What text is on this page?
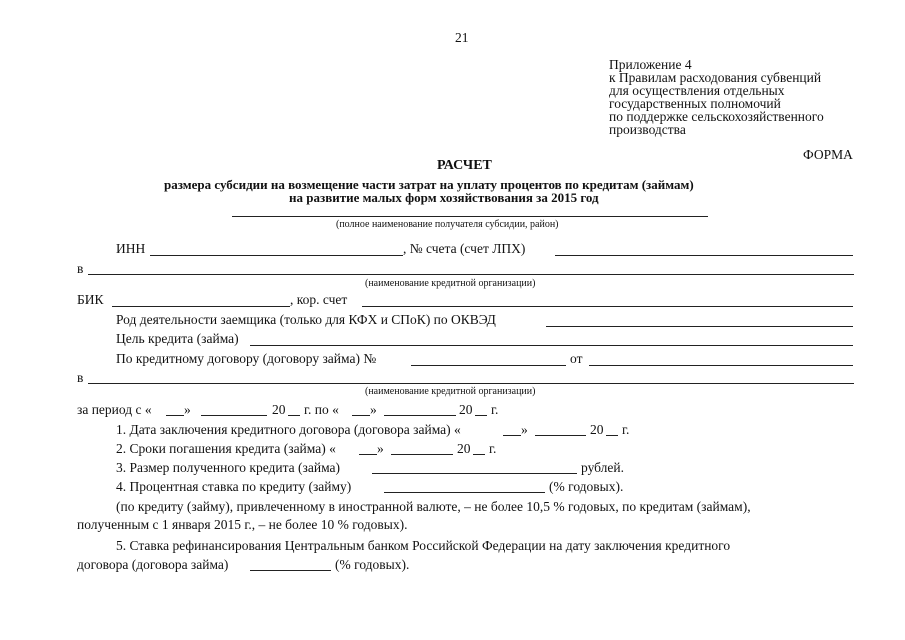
21
Приложение 4
к Правилам расходования субвенций
для осуществления отдельных
государственных полномочий
по поддержке сельскохозяйственного
производства
ФОРМА
РАСЧЕТ
размера субсидии на возмещение части затрат на уплату процентов по кредитам (займам)
на развитие малых форм хозяйствования за 2015 год
(полное наименование получателя субсидии, район)
ИНН	, № счета (счет ЛПХ)
в
(наименование кредитной организации)
БИК	, кор. счет
Род деятельности заемщика (только для КФХ и СПоК) по ОКВЭД
Цель кредита (займа)
По кредитному договору (договору займа) №	от
в
(наименование кредитной организации)
за период с « »	20 г. по « »	20 г.
1. Дата заключения кредитного договора (договора займа) «	»	20 г.
2. Сроки погашения кредита (займа) «	»	20 г.
3. Размер полученного кредита (займа)	рублей.
4. Процентная ставка по кредиту (займу)	(% годовых).
(по кредиту (займу), привлеченному в иностранной валюте, – не более 10,5 % годовых, по кредитам (займам),
полученным с 1 января 2015 г., – не более 10 % годовых).
5. Ставка рефинансирования Центральным банком Российской Федерации на дату заключения кредитного
договора (договора займа)	(% годовых).
